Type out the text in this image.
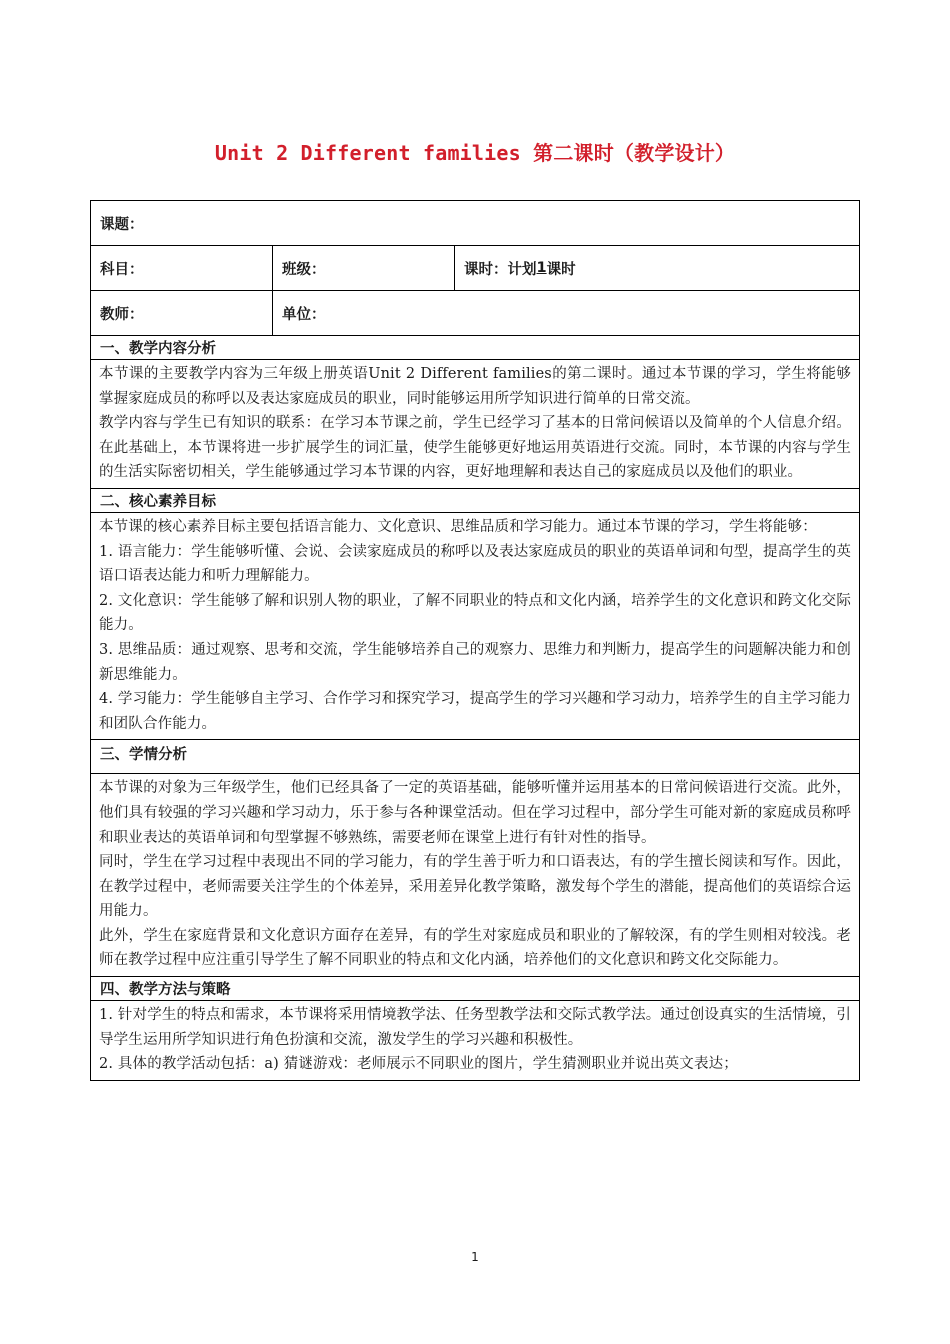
Unit 2 Different families 第二课时（教学设计）
课题：
科目：	班级：	课时：计划 1 课时
教师：	单位：
一、教学内容分析

本节课的主要教学内容为三年级上册英语Unit 2 Different families的第二课时。通过本节课的学习，学生将能够掌握家庭成员的称呼以及表达家庭成员的职业，同时能够运用所学知识进行简单的日常交流。

教学内容与学生已有知识的联系：在学习本节课之前，学生已经学习了基本的日常问候语以及简单的个人信息介绍。在此基础上，本节课将进一步扩展学生的词汇量，使学生能够更好地运用英语进行交流。同时，本节课的内容与学生的生活实际密切相关，学生能够通过学习本节课的内容，更好地理解和表达自己的家庭成员以及他们的职业。

二、核心素养目标

本节课的核心素养目标主要包括语言能力、文化意识、思维品质和学习能力。通过本节课的学习，学生将能够：

1. 语言能力：学生能够听懂、会说、会读家庭成员的称呼以及表达家庭成员的职业的英语单词和句型，提高学生的英语口语表达能力和听力理解能力。

2. 文化意识：学生能够了解和识别人物的职业，了解不同职业的特点和文化内涵，培养学生的文化意识和跨文化交际能力。

3. 思维品质：通过观察、思考和交流，学生能够培养自己的观察力、思维力和判断力，提高学生的问题解决能力和创新思维能力。

4. 学习能力：学生能够自主学习、合作学习和探究学习，提高学生的学习兴趣和学习动力，培养学生的自主学习能力和团队合作能力。

三、学情分析

本节课的对象为三年级学生，他们已经具备了一定的英语基础，能够听懂并运用基本的日常问候语进行交流。此外，他们具有较强的学习兴趣和学习动力，乐于参与各种课堂活动。但在学习过程中，部分学生可能对新的家庭成员称呼和职业表达的英语单词和句型掌握不够熟练，需要老师在课堂上进行有针对性的指导。

同时，学生在学习过程中表现出不同的学习能力，有的学生善于听力和口语表达，有的学生擅长阅读和写作。因此，在教学过程中，老师需要关注学生的个体差异，采用差异化教学策略，激发每个学生的潜能，提高他们的英语综合运用能力。

此外，学生在家庭背景和文化意识方面存在差异，有的学生对家庭成员和职业的了解较深，有的学生则相对较浅。老师在教学过程中应注重引导学生了解不同职业的特点和文化内涵，培养他们的文化意识和跨文化交际能力。

四、教学方法与策略

1. 针对学生的特点和需求，本节课将采用情境教学法、任务型教学法和交际式教学法。通过创设真实的生活情境，引导学生运用所学知识进行角色扮演和交流，激发学生的学习兴趣和积极性。

2. 具体的教学活动包括：a) 猜谜游戏：老师展示不同职业的图片，学生猜测职业并说出英文表达；

1
